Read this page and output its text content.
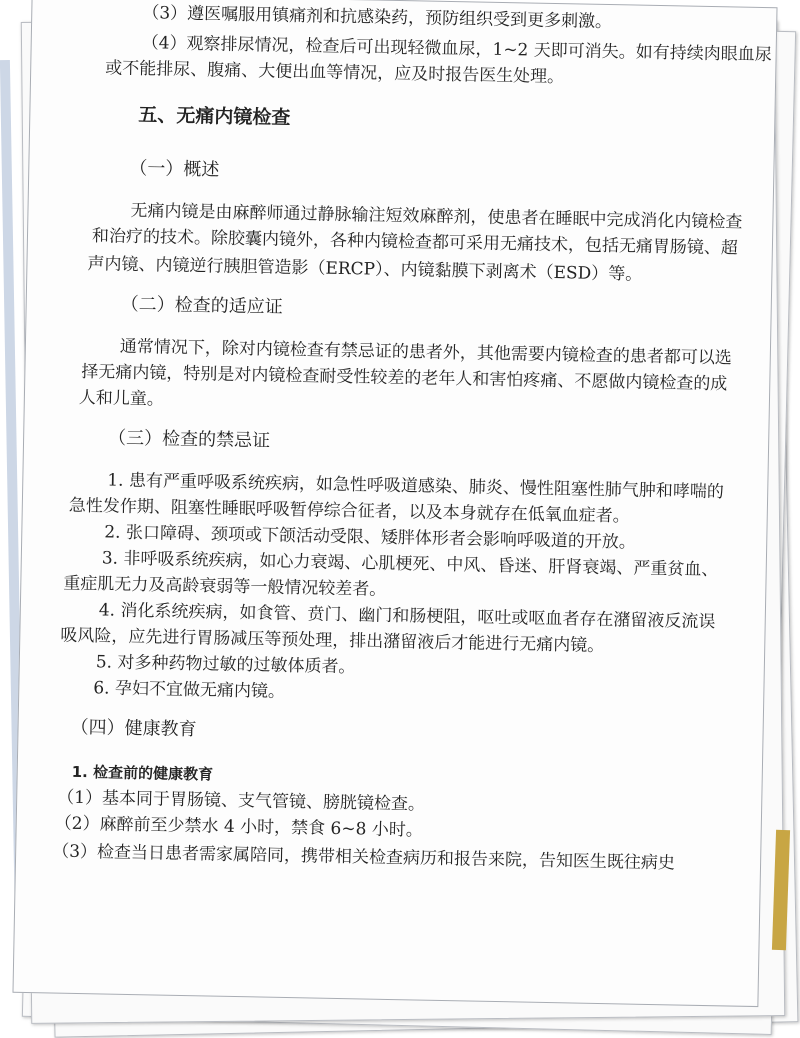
（3）遵医嘱服用镇痛剂和抗感染药，预防组织受到更多刺激。
（4）观察排尿情况，检查后可出现轻微血尿，1~2 天即可消失。如有持续肉眼血尿
或不能排尿、腹痛、大便出血等情况，应及时报告医生处理。
五、无痛内镜检查
（一）概述
无痛内镜是由麻醉师通过静脉输注短效麻醉剂，使患者在睡眠中完成消化内镜检查
和治疗的技术。除胶囊内镜外，各种内镜检查都可采用无痛技术，包括无痛胃肠镜、超
声内镜、内镜逆行胰胆管造影（ERCP）、内镜黏膜下剥离术（ESD）等。
（二）检查的适应证
通常情况下，除对内镜检查有禁忌证的患者外，其他需要内镜检查的患者都可以选
择无痛内镜，特别是对内镜检查耐受性较差的老年人和害怕疼痛、不愿做内镜检查的成
人和儿童。
（三）检查的禁忌证
1. 患有严重呼吸系统疾病，如急性呼吸道感染、肺炎、慢性阻塞性肺气肿和哮喘的
急性发作期、阻塞性睡眠呼吸暂停综合征者，以及本身就存在低氧血症者。
2. 张口障碍、颈项或下颌活动受限、矮胖体形者会影响呼吸道的开放。
3. 非呼吸系统疾病，如心力衰竭、心肌梗死、中风、昏迷、肝肾衰竭、严重贫血、
重症肌无力及高龄衰弱等一般情况较差者。
4. 消化系统疾病，如食管、贲门、幽门和肠梗阻，呕吐或呕血者存在潴留液反流误
吸风险，应先进行胃肠减压等预处理，排出潴留液后才能进行无痛内镜。
5. 对多种药物过敏的过敏体质者。
6. 孕妇不宜做无痛内镜。
（四）健康教育
1. 检查前的健康教育
（1）基本同于胃肠镜、支气管镜、膀胱镜检查。
（2）麻醉前至少禁水 4 小时，禁食 6~8 小时。
（3）检查当日患者需家属陪同，携带相关检查病历和报告来院，告知医生既往病史
